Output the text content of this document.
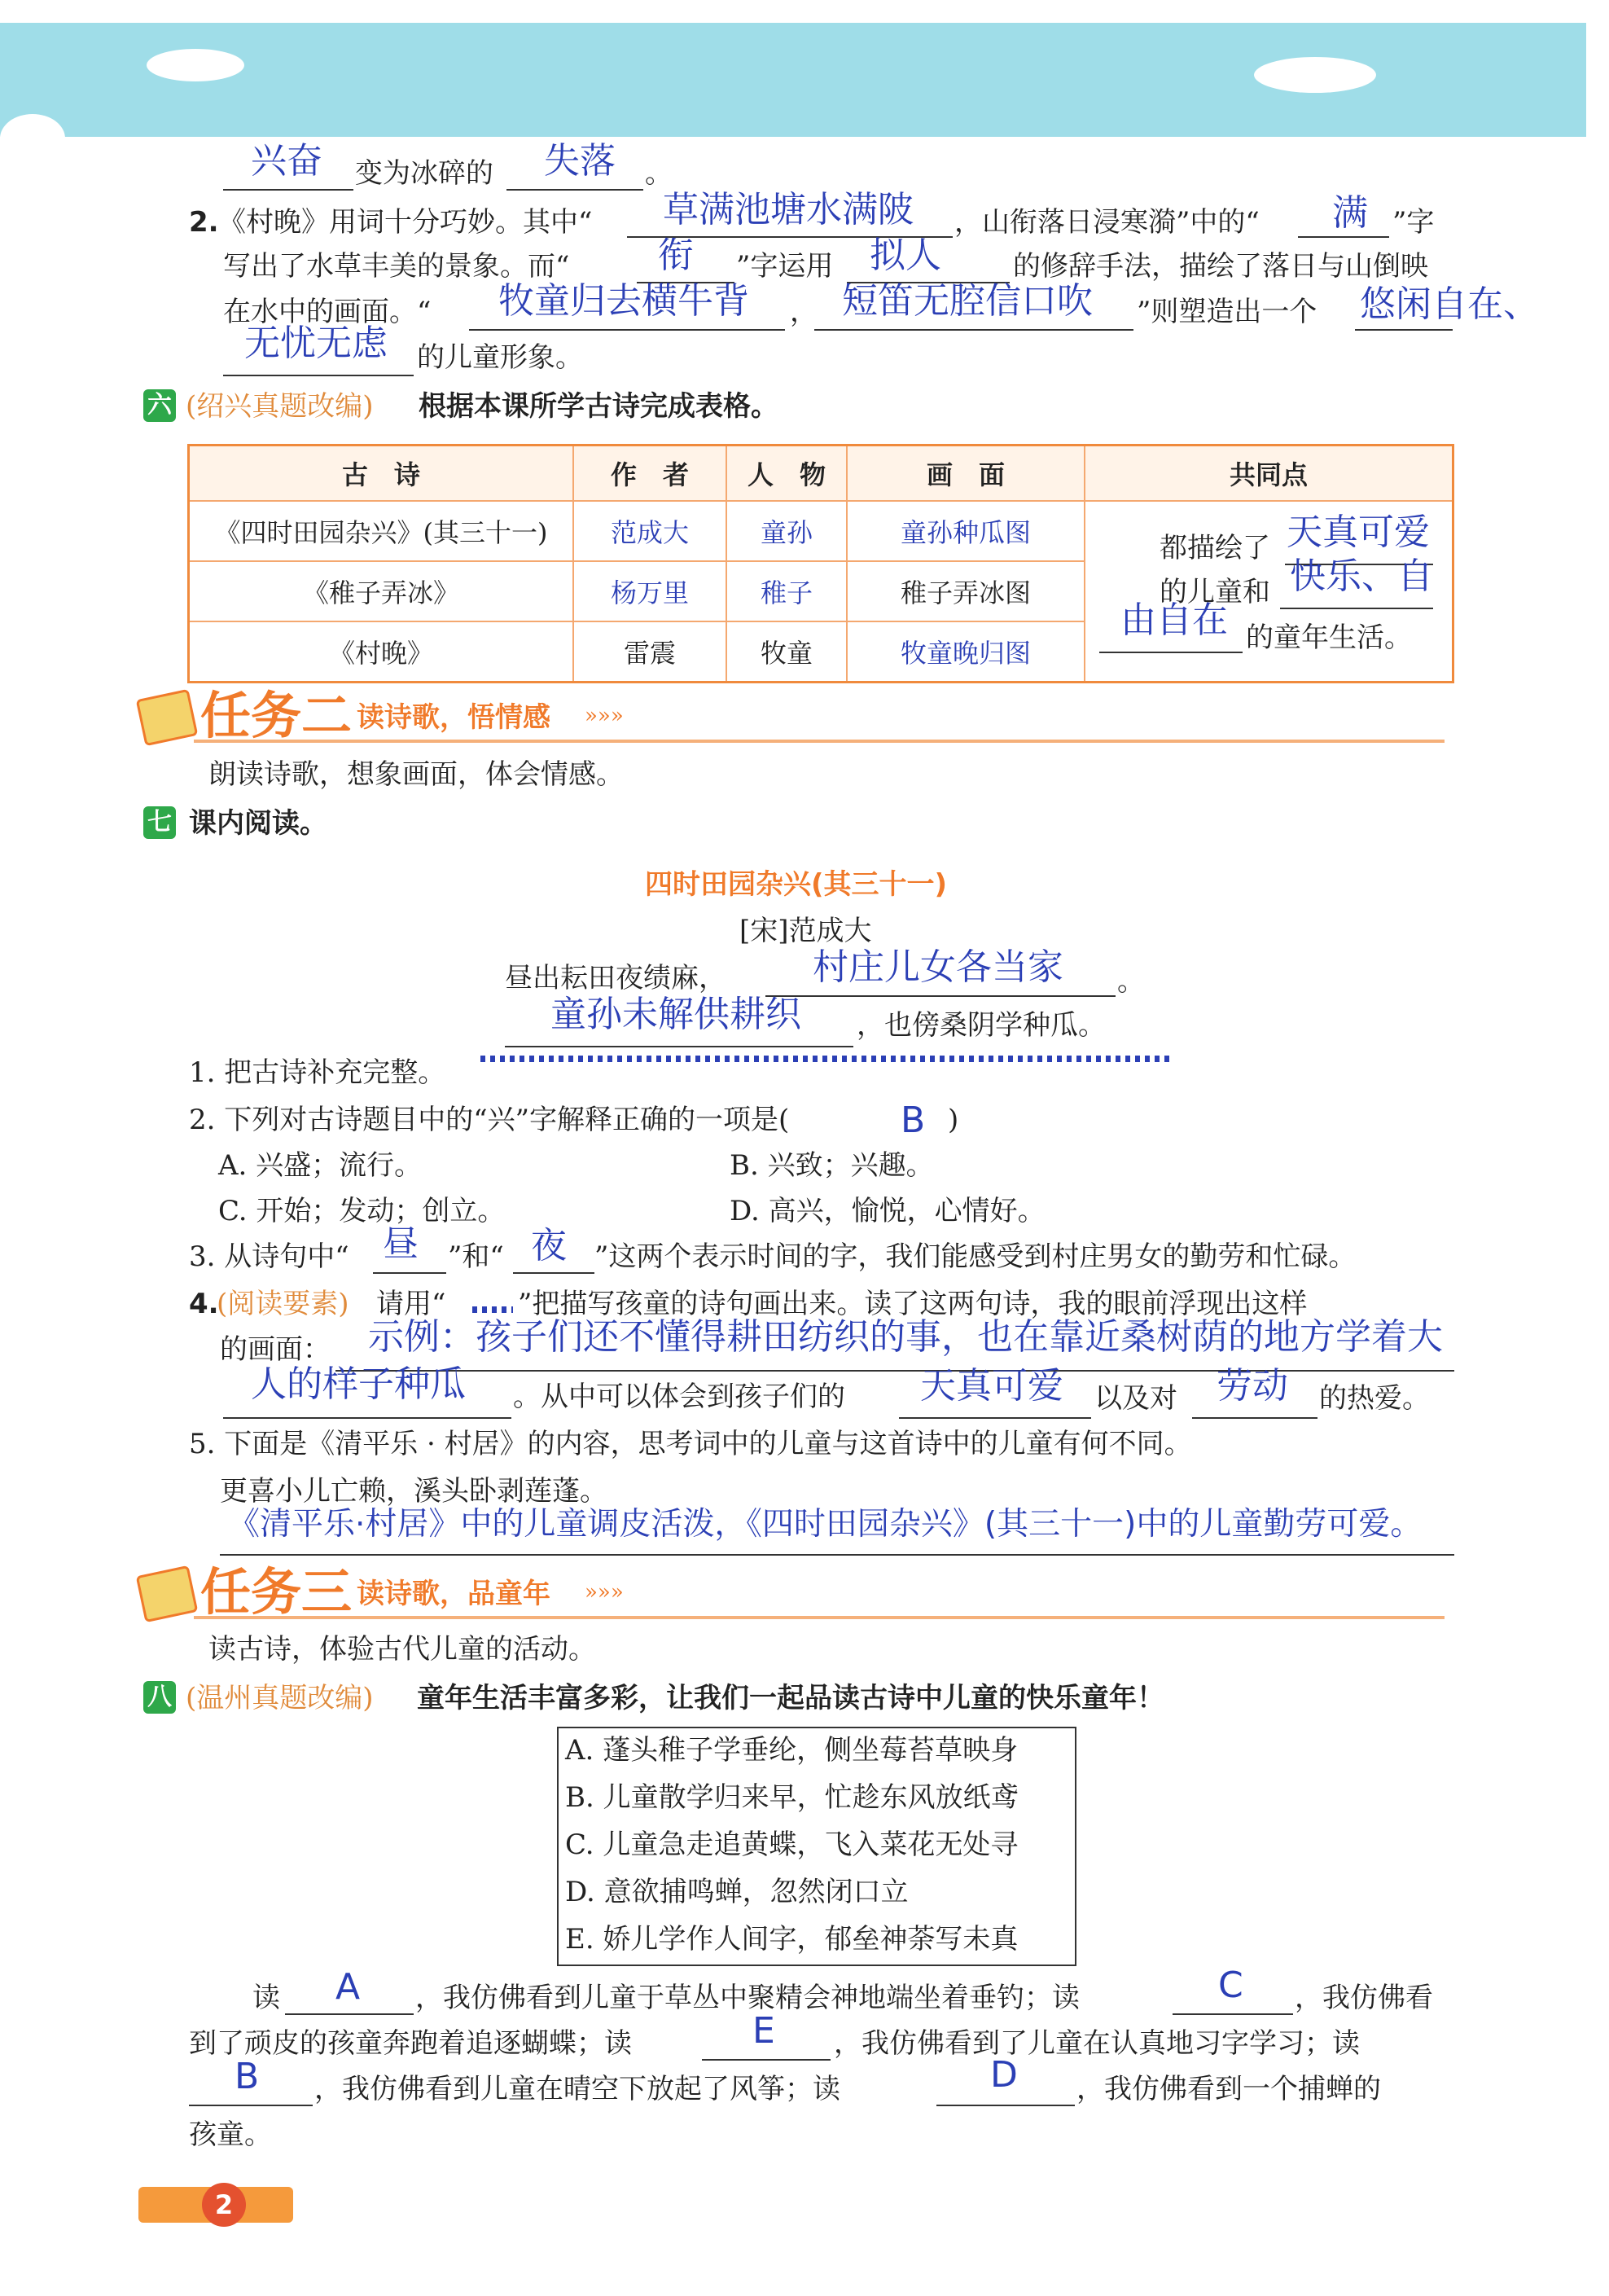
兴奋 变为冰碎的 失落 。
2. 《村晚》用词十分巧妙。其中“ 草满池塘水满陂 ，山衔落日浸寒漪”中的“ 满 ”字
写出了水草丰美的景象。而“ 衔 ”字运用 拟人	的修辞手法，描绘了落日与山倒映
在水中的画面。“ 牧童归去横牛背 ， 短笛无腔信口吹 ”则塑造出一个 悠闲自在、
无忧无虑 的儿童形象。
六 (绍兴真题改编) 根据本课所学古诗完成表格。
古　诗	作　者	人　物	画　面	共同点
《四时田园杂兴》(其三十一)	范成大	童孙	童孙种瓜图	
《稚子弄冰》	杨万里	稚子	稚子弄冰图	
《村晚》	雷震	牧童	牧童晚归图	
都描绘了 天真可爱
的儿童和 快乐、自
由自在 的童年生活。
任务二 读诗歌，悟情感 »»»
朗读诗歌，想象画面，体会情感。
七 课内阅读。
四时田园杂兴(其三十一)
[宋]范成大
昼出耘田夜绩麻， 村庄儿女各当家 。
童孙未解供耕织 ，也傍桑阴学种瓜。
1. 把古诗补充完整。
2. 下列对古诗题目中的“兴”字解释正确的一项是(	B )
A. 兴盛；流行。	B. 兴致；兴趣。
C. 开始；发动；创立。	D. 高兴，愉悦，心情好。
3. 从诗句中“ 昼 ”和“ 夜 ”这两个表示时间的字，我们能感受到村庄男女的勤劳和忙碌。
4.
(阅读要素) 请用“	”把描写孩童的诗句画出来。读了这两句诗，我的眼前浮现出这样
的画面： 示例：孩子们还不懂得耕田纺织的事，也在靠近桑树荫的地方学着大
人的样子种瓜 。从中可以体会到孩子们的 天真可爱 以及对 劳动 的热爱。
5. 下面是《清平乐 · 村居》的内容，思考词中的儿童与这首诗中的儿童有何不同。
更喜小儿亡赖，溪头卧剥莲蓬。
《清平乐·村居》中的儿童调皮活泼，《四时田园杂兴》(其三十一)中的儿童勤劳可爱。
任务三 读诗歌，品童年 »»»
读古诗，体验古代儿童的活动。
八 (温州真题改编) 童年生活丰富多彩，让我们一起品读古诗中儿童的快乐童年！
A. 蓬头稚子学垂纶，侧坐莓苔草映身
B. 儿童散学归来早，忙趁东风放纸鸢
C. 儿童急走追黄蝶，飞入菜花无处寻
D. 意欲捕鸣蝉，忽然闭口立
E. 娇儿学作人间字，郁垒神荼写未真
读 A ，我仿佛看到儿童于草丛中聚精会神地端坐着垂钓；读	C ，我仿佛看
到了顽皮的孩童奔跑着追逐蝴蝶；读	E ，我仿佛看到了儿童在认真地习字学习；读
B ，我仿佛看到儿童在晴空下放起了风筝；读	D ，我仿佛看到一个捕蝉的
孩童。
2
